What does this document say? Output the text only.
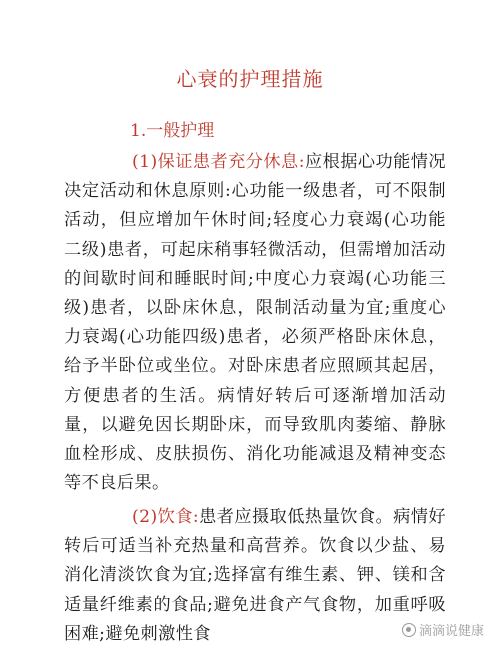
心衰的护理措施
1.一般护理

(1)保证患者充分休息:应根据心功能情况决定活动和休息原则:心功能一级患者，可不限制活动，但应增加午休时间;轻度心力衰竭(心功能二级)患者，可起床稍事轻微活动，但需增加活动的间歇时间和睡眠时间;中度心力衰竭(心功能三级)患者，以卧床休息，限制活动量为宜;重度心力衰竭(心功能四级)患者，必须严格卧床休息，给予半卧位或坐位。对卧床患者应照顾其起居，方便患者的生活。病情好转后可逐渐增加活动量，以避免因长期卧床，而导致肌肉萎缩、静脉血栓形成、皮肤损伤、消化功能减退及精神变态等不良后果。

(2)饮食:患者应摄取低热量饮食。病情好转后可适当补充热量和高营养。饮食以少盐、易消化清淡饮食为宜;选择富有维生素、钾、镁和含适量纤维素的食品;避免进食产气食物，加重呼吸困难;避免刺激性食	滴滴说健康
